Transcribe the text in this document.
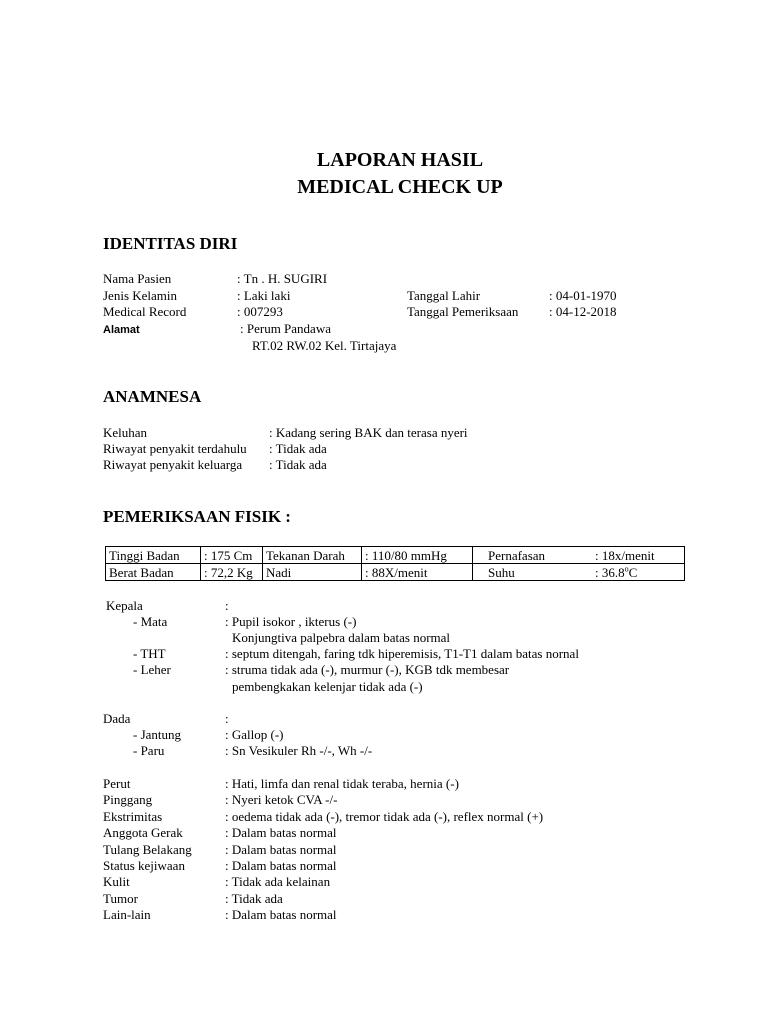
LAPORAN HASIL
MEDICAL CHECK UP
IDENTITAS DIRI
Nama Pasien	: Tn . H. SUGIRI
Jenis Kelamin	: Laki laki	Tanggal Lahir	: 04-01-1970
Medical Record	: 007293	Tanggal Pemeriksaan : 04-12-2018
Alamat	: Perum Pandawa
RT.02 RW.02 Kel. Tirtajaya
ANAMNESA
Keluhan	: Kadang sering BAK dan terasa nyeri
Riwayat penyakit terdahulu : Tidak ada
Riwayat penyakit keluarga : Tidak ada
PEMERIKSAAN FISIK :
Tinggi Badan	: 175 Cm	Tekanan Darah	: 110/80 mmHg	Pernafasan	: 18x/menit
Berat Badan	: 72,2 Kg	Nadi	: 88X/menit	Suhu	: 36.8$^o$C
Kepala	:
- Mata	: Pupil isokor , ikterus (-)
Konjungtiva palpebra dalam batas normal
- THT	: septum ditengah, faring tdk hiperemisis, T1-T1 dalam batas nornal
- Leher	: struma tidak ada (-), murmur (-), KGB tdk membesar
pembengkakan kelenjar tidak ada (-)
Dada	:
- Jantung	: Gallop (-)
- Paru	: Sn Vesikuler Rh -/-, Wh -/-
Perut	: Hati, limfa dan renal tidak teraba, hernia (-)
Pinggang	: Nyeri ketok CVA -/-
Ekstrimitas	: oedema tidak ada (-), tremor tidak ada (-), reflex normal (+)
Anggota Gerak	: Dalam batas normal
Tulang Belakang	: Dalam batas normal
Status kejiwaan	: Dalam batas normal
Kulit	: Tidak ada kelainan
Tumor	: Tidak ada
Lain-lain	: Dalam batas normal
